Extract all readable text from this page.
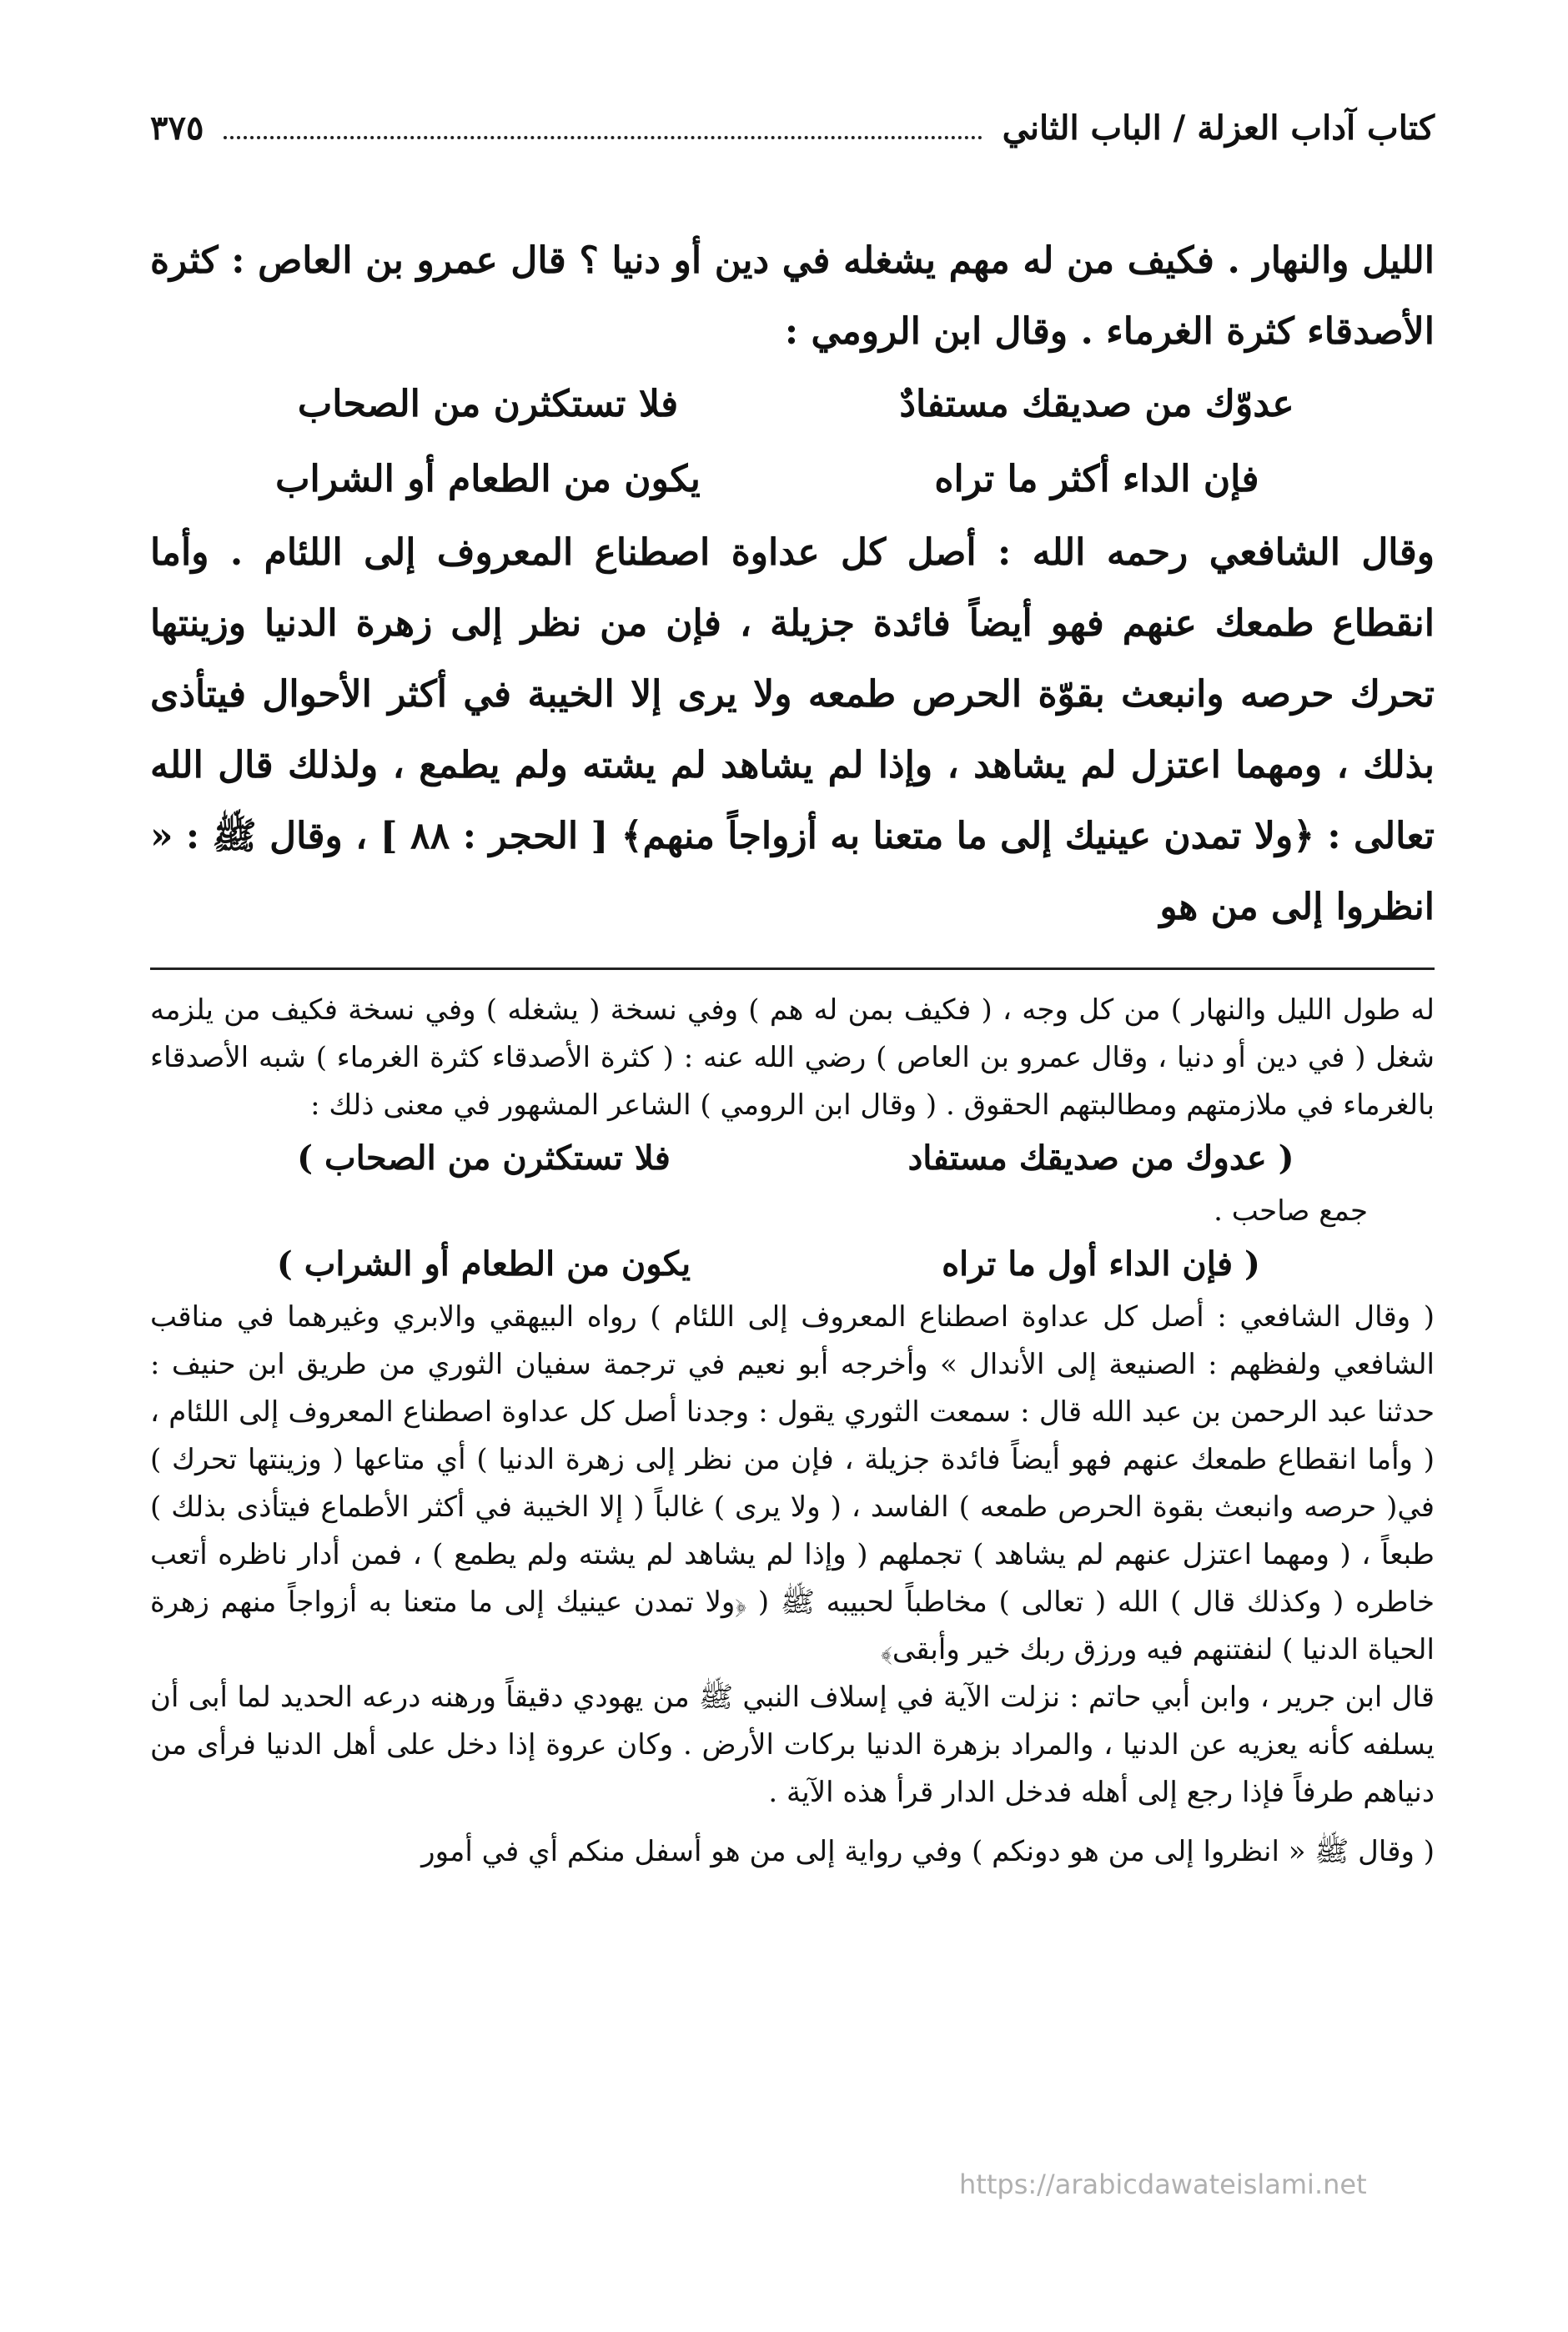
كتاب آداب العزلة / الباب الثاني
٣٧٥
الليل والنهار . فكيف من له مهم يشغله في دين أو دنيا ؟ قال عمرو بن العاص : كثرة الأصدقاء كثرة الغرماء . وقال ابن الرومي :
عدوّك من صديقك مستفادٌ
فلا تستكثرن من الصحاب
فإن الداء أكثر ما تراه
يكون من الطعام أو الشراب
وقال الشافعي رحمه الله : أصل كل عداوة اصطناع المعروف إلى اللئام . وأما انقطاع طمعك عنهم فهو أيضاً فائدة جزيلة ، فإن من نظر إلى زهرة الدنيا وزينتها تحرك حرصه وانبعث بقوّة الحرص طمعه ولا يرى إلا الخيبة في أكثر الأحوال فيتأذى بذلك ، ومهما اعتزل لم يشاهد ، وإذا لم يشاهد لم يشته ولم يطمع ، ولذلك قال الله تعالى : ﴿ولا تمدن عينيك إلى ما متعنا به أزواجاً منهم﴾ [ الحجر : ٨٨ ] ، وقال ﷺ : « انظروا إلى من هو
له طول الليل والنهار ) من كل وجه ، ( فكيف بمن له هم ) وفي نسخة ( يشغله ) وفي نسخة فكيف من يلزمه شغل ( في دين أو دنيا ، وقال عمرو بن العاص ) رضي الله عنه : ( كثرة الأصدقاء كثرة الغرماء ) شبه الأصدقاء بالغرماء في ملازمتهم ومطالبتهم الحقوق . ( وقال ابن الرومي ) الشاعر المشهور في معنى ذلك :
( عدوك من صديقك مستفاد
فلا تستكثرن من الصحاب )
جمع صاحب .
( فإن الداء أول ما تراه
يكون من الطعام أو الشراب )
( وقال الشافعي : أصل كل عداوة اصطناع المعروف إلى اللئام ) رواه البيهقي والابري وغيرهما في مناقب الشافعي ولفظهم : الصنيعة إلى الأندال » وأخرجه أبو نعيم في ترجمة سفيان الثوري من طريق ابن حنيف : حدثنا عبد الرحمن بن عبد الله قال : سمعت الثوري يقول : وجدنا أصل كل عداوة اصطناع المعروف إلى اللئام ، ( وأما انقطاع طمعك عنهم فهو أيضاً فائدة جزيلة ، فإن من نظر إلى زهرة الدنيا ) أي متاعها ( وزينتها تحرك ) في( حرصه وانبعث بقوة الحرص طمعه ) الفاسد ، ( ولا يرى ) غالباً ( إلا الخيبة في أكثر الأطماع فيتأذى بذلك ) طبعاً ، ( ومهما اعتزل عنهم لم يشاهد ) تجملهم ( وإذا لم يشاهد لم يشته ولم يطمع ) ، فمن أدار ناظره أتعب خاطره ( وكذلك قال ) الله ( تعالى ) مخاطباً لحبيبه ﷺ ( ﴿ولا تمدن عينيك إلى ما متعنا به أزواجاً منهم زهرة الحياة الدنيا ) لنفتنهم فيه ورزق ربك خير وأبقى﴾
قال ابن جرير ، وابن أبي حاتم : نزلت الآية في إسلاف النبي ﷺ من يهودي دقيقاً ورهنه درعه الحديد لما أبى أن يسلفه كأنه يعزيه عن الدنيا ، والمراد بزهرة الدنيا بركات الأرض . وكان عروة إذا دخل على أهل الدنيا فرأى من دنياهم طرفاً فإذا رجع إلى أهله فدخل الدار قرأ هذه الآية .
( وقال ﷺ « انظروا إلى من هو دونكم ) وفي رواية إلى من هو أسفل منكم أي في أمور
https://arabicdawateislami.net
